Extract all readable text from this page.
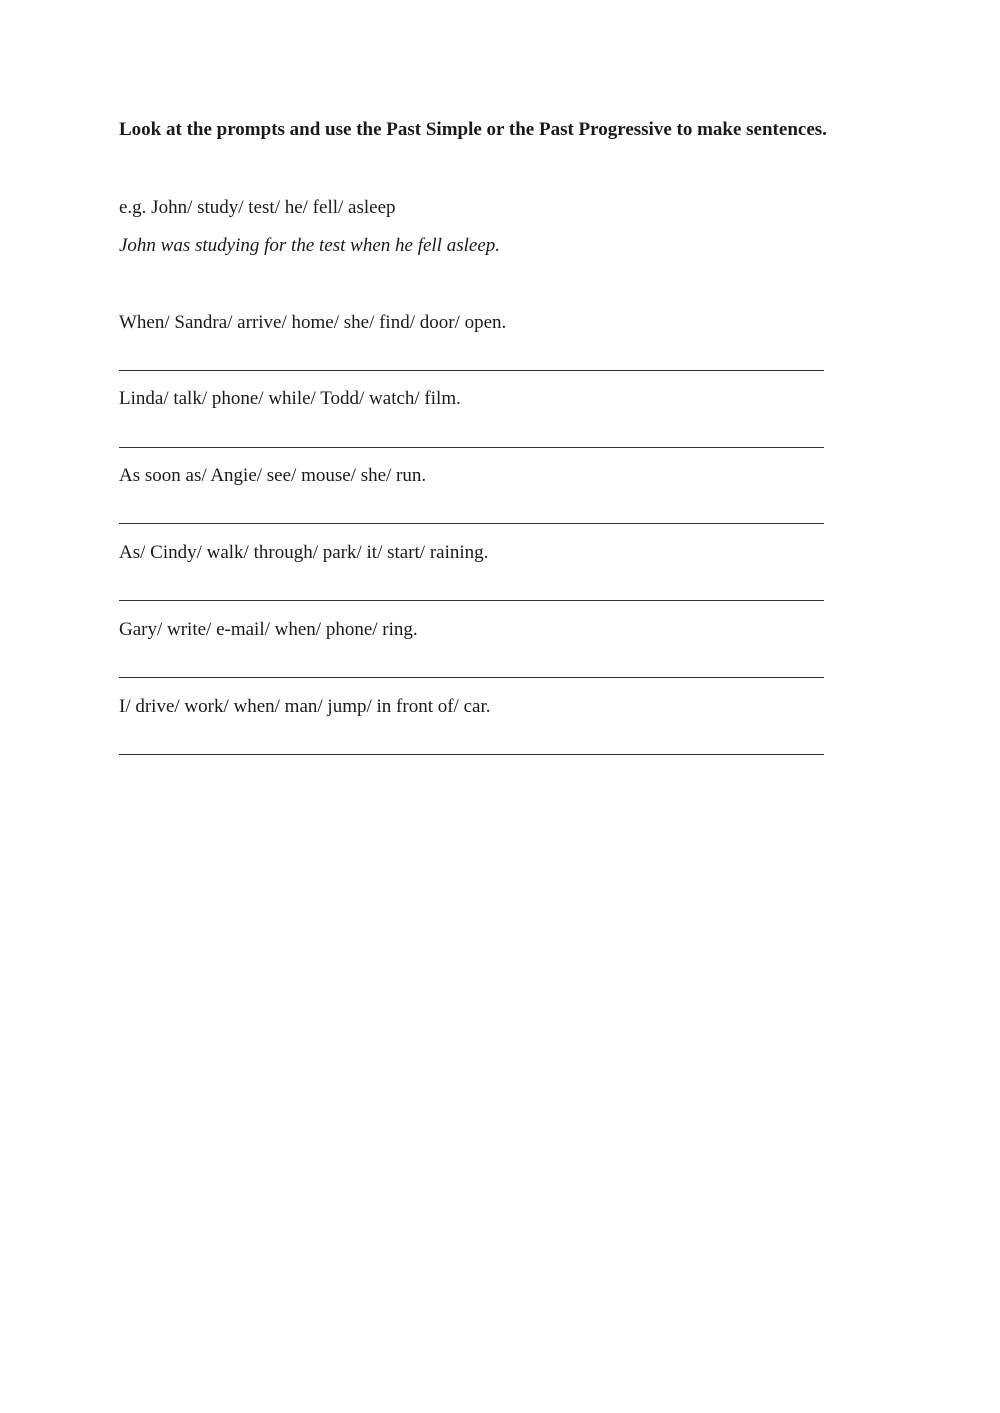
Look at the prompts and use the Past Simple or the Past Progressive to make sentences.
e.g. John/ study/ test/ he/ fell/ asleep
John was studying for the test when he fell asleep.
When/ Sandra/ arrive/ home/ she/ find/ door/ open.
Linda/ talk/ phone/ while/ Todd/ watch/ film.
As soon as/ Angie/ see/ mouse/ she/ run.
As/ Cindy/ walk/ through/ park/ it/ start/ raining.
Gary/ write/ e-mail/ when/ phone/ ring.
I/ drive/ work/ when/ man/ jump/ in front of/ car.
